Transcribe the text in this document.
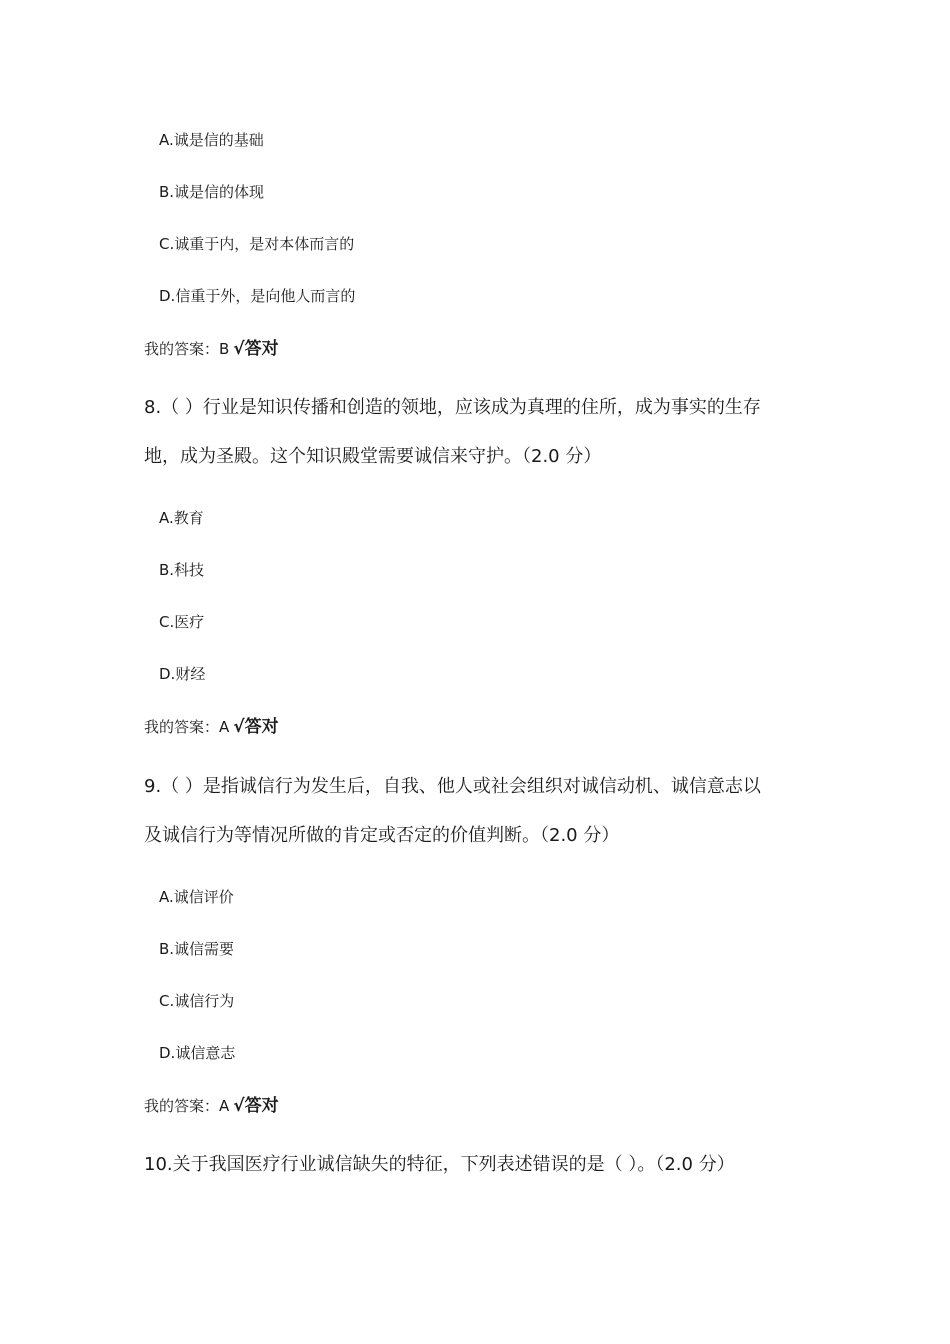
A.诚是信的基础
B.诚是信的体现
C.诚重于内，是对本体而言的
D.信重于外，是向他人而言的
我的答案：B √答对
8.（ ）行业是知识传播和创造的领地，应该成为真理的住所，成为事实的生存
地，成为圣殿。这个知识殿堂需要诚信来守护。（2.0 分）
A.教育
B.科技
C.医疗
D.财经
我的答案：A √答对
9.（ ）是指诚信行为发生后，自我、他人或社会组织对诚信动机、诚信意志以
及诚信行为等情况所做的肯定或否定的价值判断。（2.0 分）
A.诚信评价
B.诚信需要
C.诚信行为
D.诚信意志
我的答案：A √答对
10.关于我国医疗行业诚信缺失的特征，下列表述错误的是（ ）。（2.0 分）
